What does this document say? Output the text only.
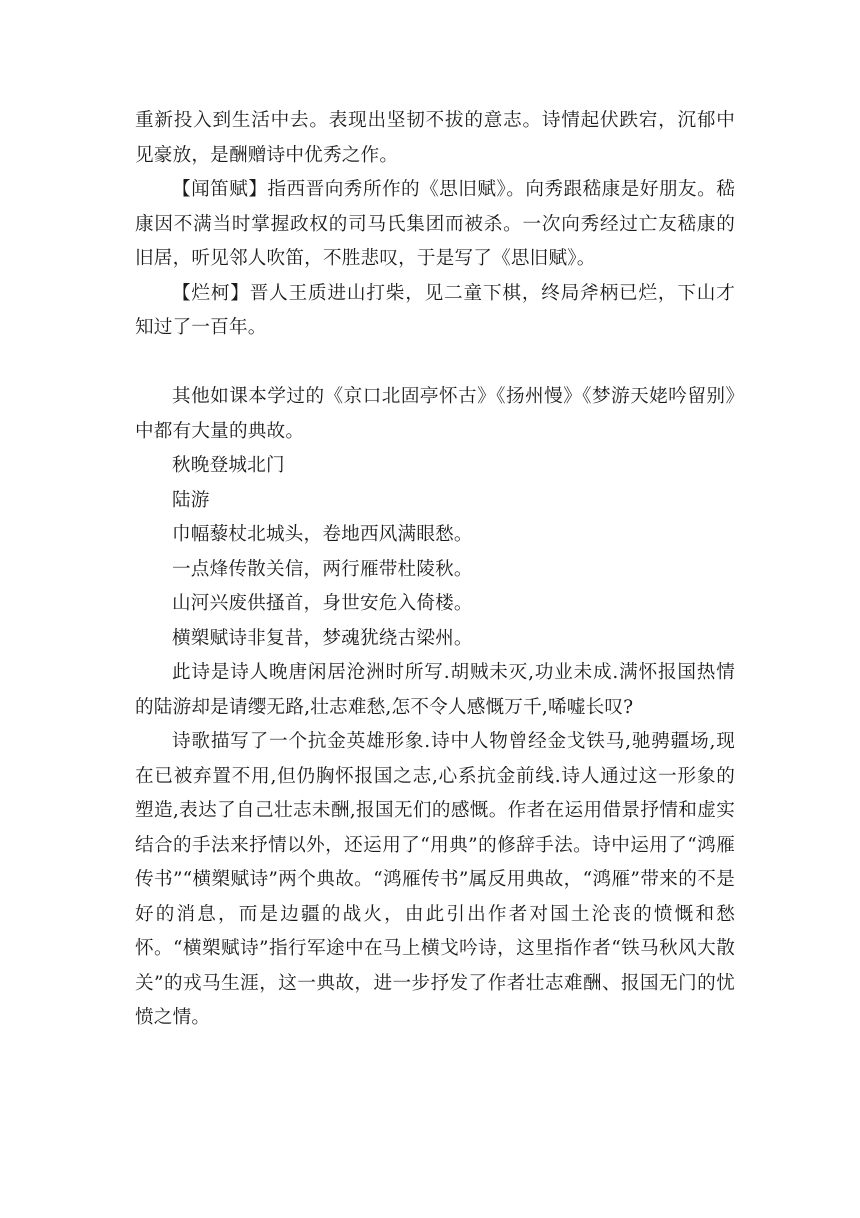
重新投入到生活中去。表现出坚韧不拔的意志。诗情起伏跌宕，沉郁中见豪放，是酬赠诗中优秀之作。

【闻笛赋】指西晋向秀所作的《思旧赋》。向秀跟嵇康是好朋友。嵇康因不满当时掌握政权的司马氏集团而被杀。一次向秀经过亡友嵇康的旧居，听见邻人吹笛，不胜悲叹，于是写了《思旧赋》。

【烂柯】晋人王质进山打柴，见二童下棋，终局斧柄已烂，下山才知过了一百年。

其他如课本学过的《京口北固亭怀古》《扬州慢》《梦游天姥吟留别》中都有大量的典故。

秋晚登城北门

陆游

巾幅藜杖北城头，卷地西风满眼愁。

一点烽传散关信，两行雁带杜陵秋。

山河兴废供搔首，身世安危入倚楼。

横槊赋诗非复昔，梦魂犹绕古梁州。

此诗是诗人晚唐闲居沧洲时所写.胡贼未灭,功业未成.满怀报国热情的陆游却是请缨无路,壮志难愁,怎不令人感慨万千,唏嘘长叹?

诗歌描写了一个抗金英雄形象.诗中人物曾经金戈铁马,驰骋疆场,现在已被弃置不用,但仍胸怀报国之志,心系抗金前线.诗人通过这一形象的塑造,表达了自己壮志未酬,报国无们的感慨。作者在运用借景抒情和虚实结合的手法来抒情以外，还运用了“用典”的修辞手法。诗中运用了“鸿雁传书”“横槊赋诗”两个典故。“鸿雁传书”属反用典故，“鸿雁”带来的不是好的消息，而是边疆的战火，由此引出作者对国土沦丧的愤慨和愁怀。“横槊赋诗”指行军途中在马上横戈吟诗，这里指作者“铁马秋风大散关”的戎马生涯，这一典故，进一步抒发了作者壮志难酬、报国无门的忧愤之情。
